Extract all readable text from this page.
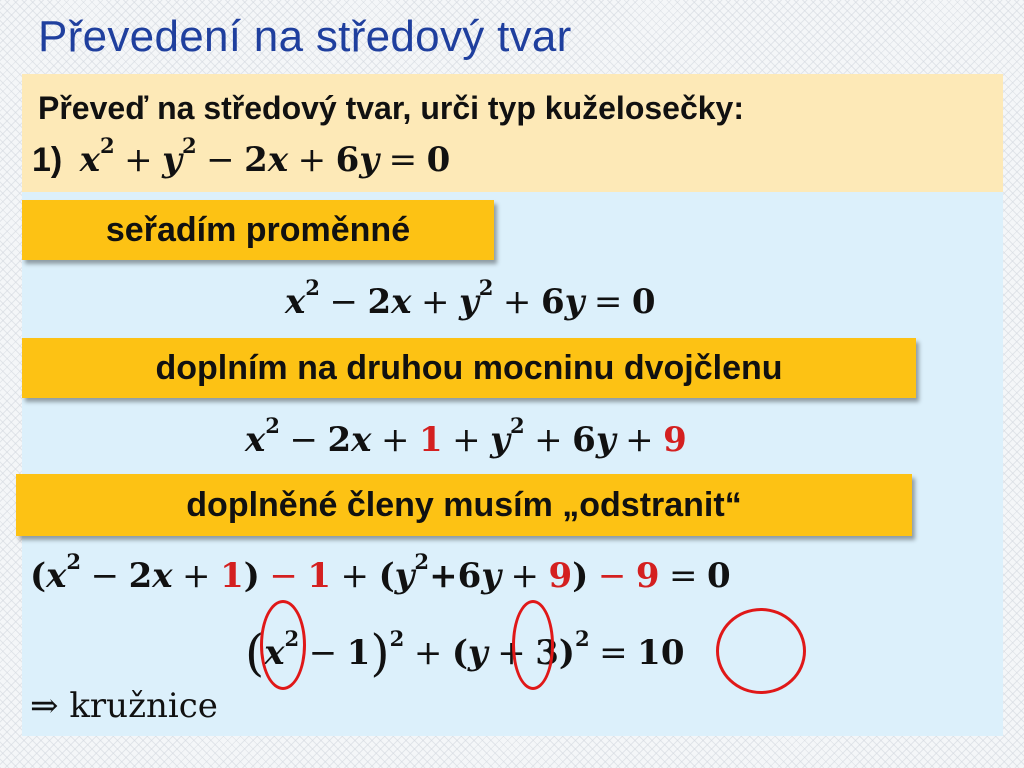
Převedení na středový tvar

Převeď na středový tvar, urči typ kuželosečky:

1) $x^2 + y^2 - 2x + 6y = 0$
seřadím proměnné
$x^2 - 2x + y^2 + 6y = 0$
doplním na druhou mocninu dvojčlenu
$x^2 - 2x + 1 + y^2 + 6y + 9$
doplněné členy musím „odstranit“
$(x^2 - 2x + 1) - 1 + (y^2+6y + 9) - 9 = 0$
$(x^2 - 1)^2 + (y + 3)^2 = 10$
⇒ kružnice
